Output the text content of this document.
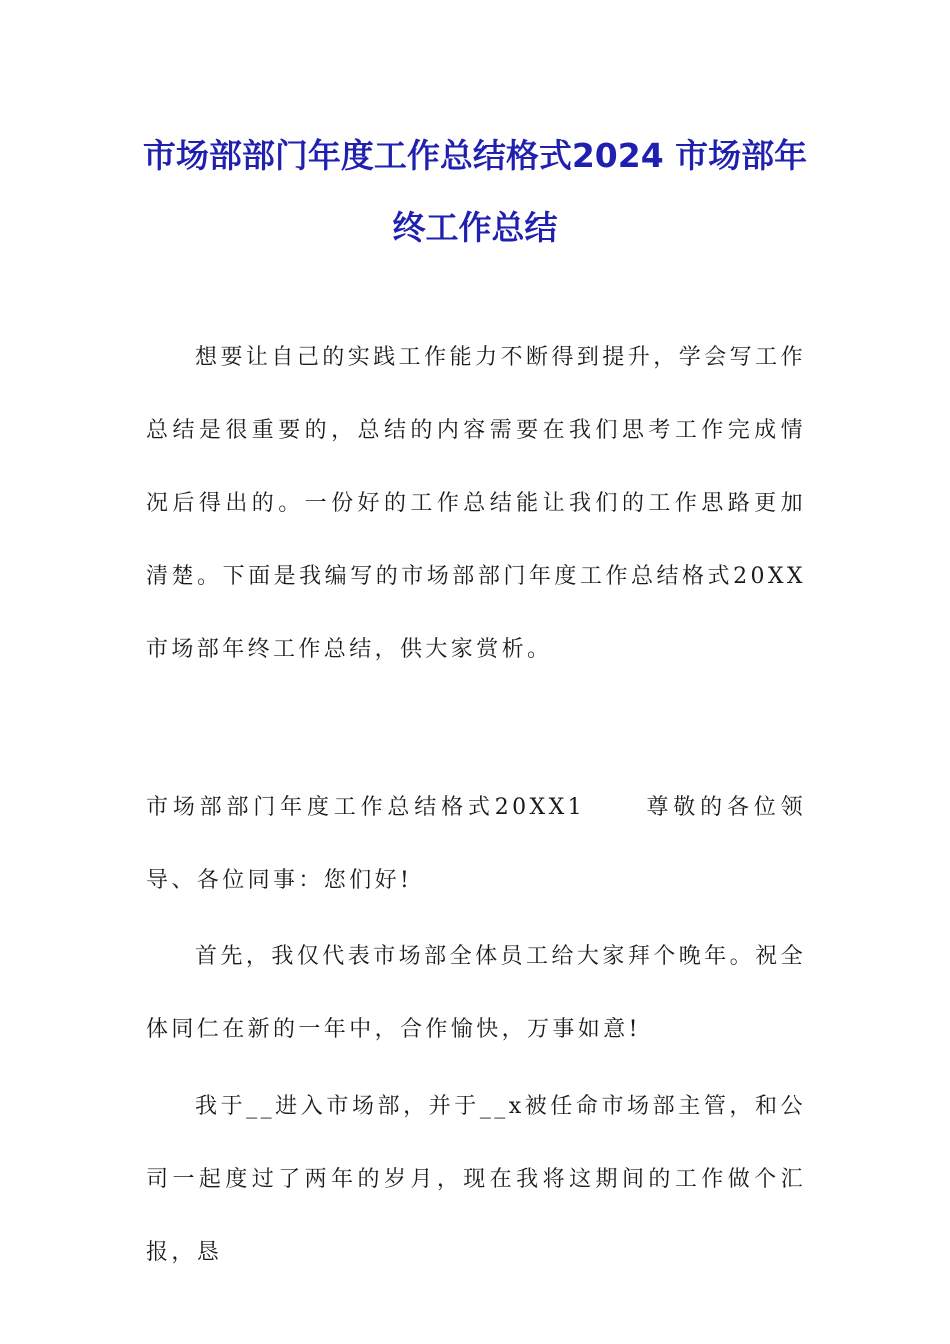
市场部部门年度工作总结格式2024 市场部年终工作总结

想要让自己的实践工作能力不断得到提升，学会写工作总结是很重要的，总结的内容需要在我们思考工作完成情况后得出的。一份好的工作总结能让我们的工作思路更加清楚。下面是我编写的市场部部门年度工作总结格式20XX 市场部年终工作总结，供大家赏析。

市场部部门年度工作总结格式20XX1	尊敬的各位领导、各位同事：您们好!

首先，我仅代表市场部全体员工给大家拜个晚年。祝全体同仁在新的一年中，合作愉快，万事如意!

我于__进入市场部，并于__x被任命市场部主管，和公司一起度过了两年的岁月，现在我将这期间的工作做个汇报，恳
